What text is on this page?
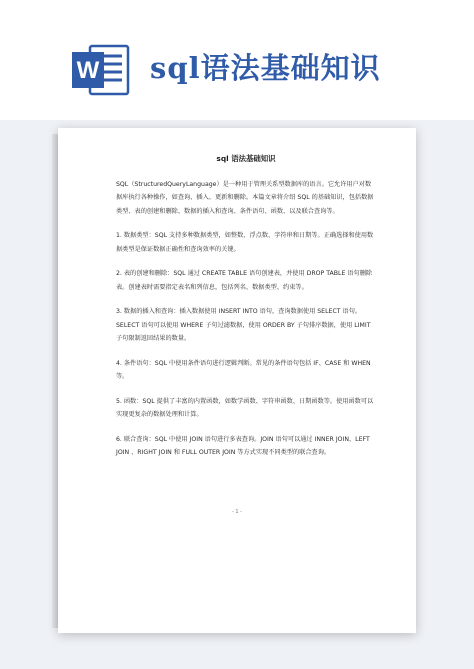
W sql语法基础知识
sql 语法基础知识

SQL（StructuredQueryLanguage）是一种用于管理关系型数据库的语言。它允许用户对数据库执行各种操作，如查询、插入、更新和删除。本篇文章将介绍 SQL 的基础知识，包括数据类型、表的创建和删除、数据的插入和查询、条件语句、函数、以及联合查询等。

1. 数据类型：SQL 支持多种数据类型，如整数、浮点数、字符串和日期等。正确选择和使用数据类型是保证数据正确性和查询效率的关键。

2. 表的创建和删除：SQL 通过 CREATE TABLE 语句创建表，并使用 DROP TABLE 语句删除表。创建表时需要指定表名和列信息，包括列名、数据类型、约束等。

3. 数据的插入和查询：插入数据使用 INSERT INTO 语句，查询数据使用 SELECT 语句。 SELECT 语句可以使用 WHERE 子句过滤数据，使用 ORDER BY 子句排序数据，使用 LIMIT 子句限制返回结果的数量。

4. 条件语句：SQL 中使用条件语句进行逻辑判断。常见的条件语句包括 IF、CASE 和 WHEN 等。

5. 函数：SQL 提供了丰富的内置函数，如数学函数、字符串函数、日期函数等。使用函数可以实现更复杂的数据处理和计算。

6. 联合查询：SQL 中使用 JOIN 语句进行多表查询。JOIN 语句可以通过 INNER JOIN、LEFT JOIN 、RIGHT JOIN 和 FULL OUTER JOIN 等方式实现不同类型的联合查询。

- 1 -
